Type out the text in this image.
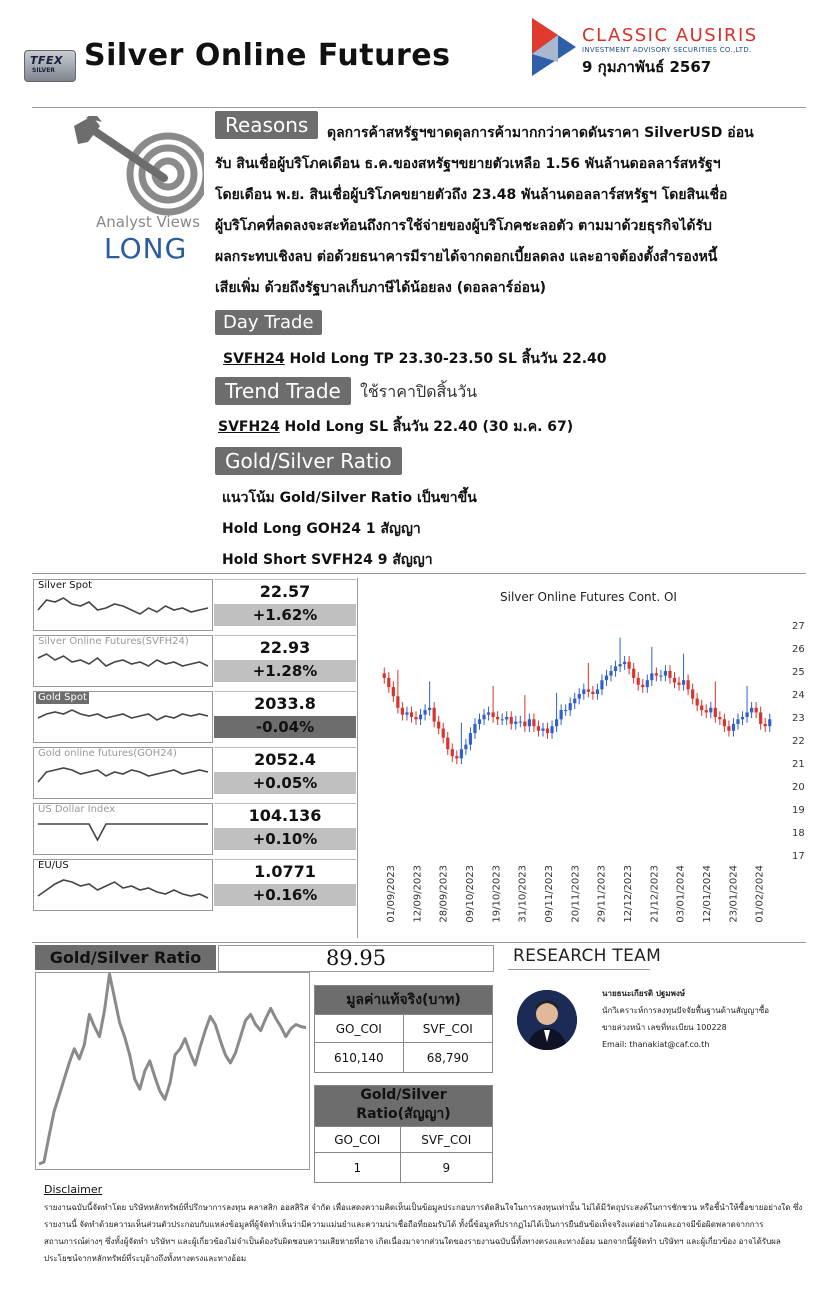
TFEX
SILVER Silver Online Futures
CLASSIC AUSIRIS
INVESTMENT ADVISORY SECURITIES CO.,LTD.
9 กุมภาพันธ์ 2567
Analyst Views
LONG
Reasons	ดุลการค้าสหรัฐฯขาดดุลการค้ามากกว่าคาดดันราคา SilverUSD อ่อน
รับ สินเชื่อผู้บริโภคเดือน ธ.ค.ของสหรัฐฯขยายตัวเหลือ 1.56 พันล้านดอลลาร์สหรัฐฯ
โดยเดือน พ.ย. สินเชื่อผู้บริโภคขยายตัวถึง 23.48 พันล้านดอลลาร์สหรัฐฯ โดยสินเชื่อ
ผู้บริโภคที่ลดลงจะสะท้อนถึงการใช้จ่ายของผู้บริโภคชะลอตัว ตามมาด้วยธุรกิจได้รับ
ผลกระทบเชิงลบ ต่อด้วยธนาคารมีรายได้จากดอกเบี้ยลดลง และอาจต้องตั้งสำรองหนี้
เสียเพิ่ม ด้วยถึงรัฐบาลเก็บภาษีได้น้อยลง (ดอลลาร์อ่อน)
Day Trade
SVFH24 Hold Long TP 23.30-23.50 SL สิ้นวัน 22.40
Trend Trade	ใช้ราคาปิดสิ้นวัน
SVFH24 Hold Long SL สิ้นวัน 22.40 (30 ม.ค. 67)
Gold/Silver Ratio
แนวโน้ม Gold/Silver Ratio เป็นขาขึ้น
Hold Long GOH24 1 สัญญา
Hold Short SVFH24 9 สัญญา
Silver Spot	22.57
+1.62%
Silver Online Futures(SVFH24)	22.93
+1.28%
Gold Spot	2033.8
-0.04%
Gold online futures(GOH24)	2052.4
+0.05%
US Dollar Index	104.136
+0.10%
EU/US	1.0771
+0.16%
Silver Online Futures Cont. OI
17
18
19
20
21
22
23
24
25
26
27
01/09/2023 12/09/2023 28/09/2023 09/10/2023 19/10/2023 31/10/2023 09/11/2023 20/11/2023 29/11/2023 12/12/2023 21/12/2023 03/01/2024 12/01/2024 23/01/2024 01/02/2024
Gold/Silver Ratio	89.95
มูลค่าแท้จริง(บาท)	
GO_COI	SVF_COI
610,140	68,790
Gold/Silver Ratio(สัญญา)	
GO_COI	SVF_COI
1	9
RESEARCH TEAM
นายธนะเกียรติ ปฐมพงษ์
นักวิเคราะห์การลงทุนปัจจัยพื้นฐานด้านสัญญาซื้อ
ขายล่วงหน้า เลขที่ทะเบียน 100228
Email: thanakiat@caf.co.th
Disclaimer
รายงานฉบับนี้จัดทำโดย บริษัทหลักทรัพย์ที่ปรึกษาการลงทุน คลาสสิก ออสสิริส จำกัด เพื่อแสดงความคิดเห็นเป็นข้อมูลประกอบการตัดสินใจในการลงทุนเท่านั้น ไม่ได้มีวัตถุประสงค์ในการชักชวน หรือชี้นำให้ซื้อขายอย่างใด ซึ่งรายงานนี้ จัดทำด้วยความเห็นส่วนตัวประกอบกับแหล่งข้อมูลที่ผู้จัดทำเห็นว่ามีความแม่นยำและความน่าเชื่อถือที่ยอมรับได้ ทั้งนี้ข้อมูลที่ปรากฏไม่ได้เป็นการยืนยันข้อเท็จจริงแต่อย่างใดและอาจมีข้อผิดพลาดจากการสถานการณ์ต่างๆ ซึ่งทั้งผู้จัดทำ บริษัทฯ และผู้เกี่ยวข้องไม่จำเป็นต้องรับผิดชอบความเสียหายที่อาจ เกิดเนื่องมาจากส่วนใดของรายงานฉบับนี้ทั้งทางตรงและทางอ้อม นอกจากนี้ผู้จัดทำ บริษัทฯ และผู้เกี่ยวข้อง อาจได้รับผลประโยชน์จากหลักทรัพย์ที่ระบุอ้างถึงทั้งทางตรงและทางอ้อม
